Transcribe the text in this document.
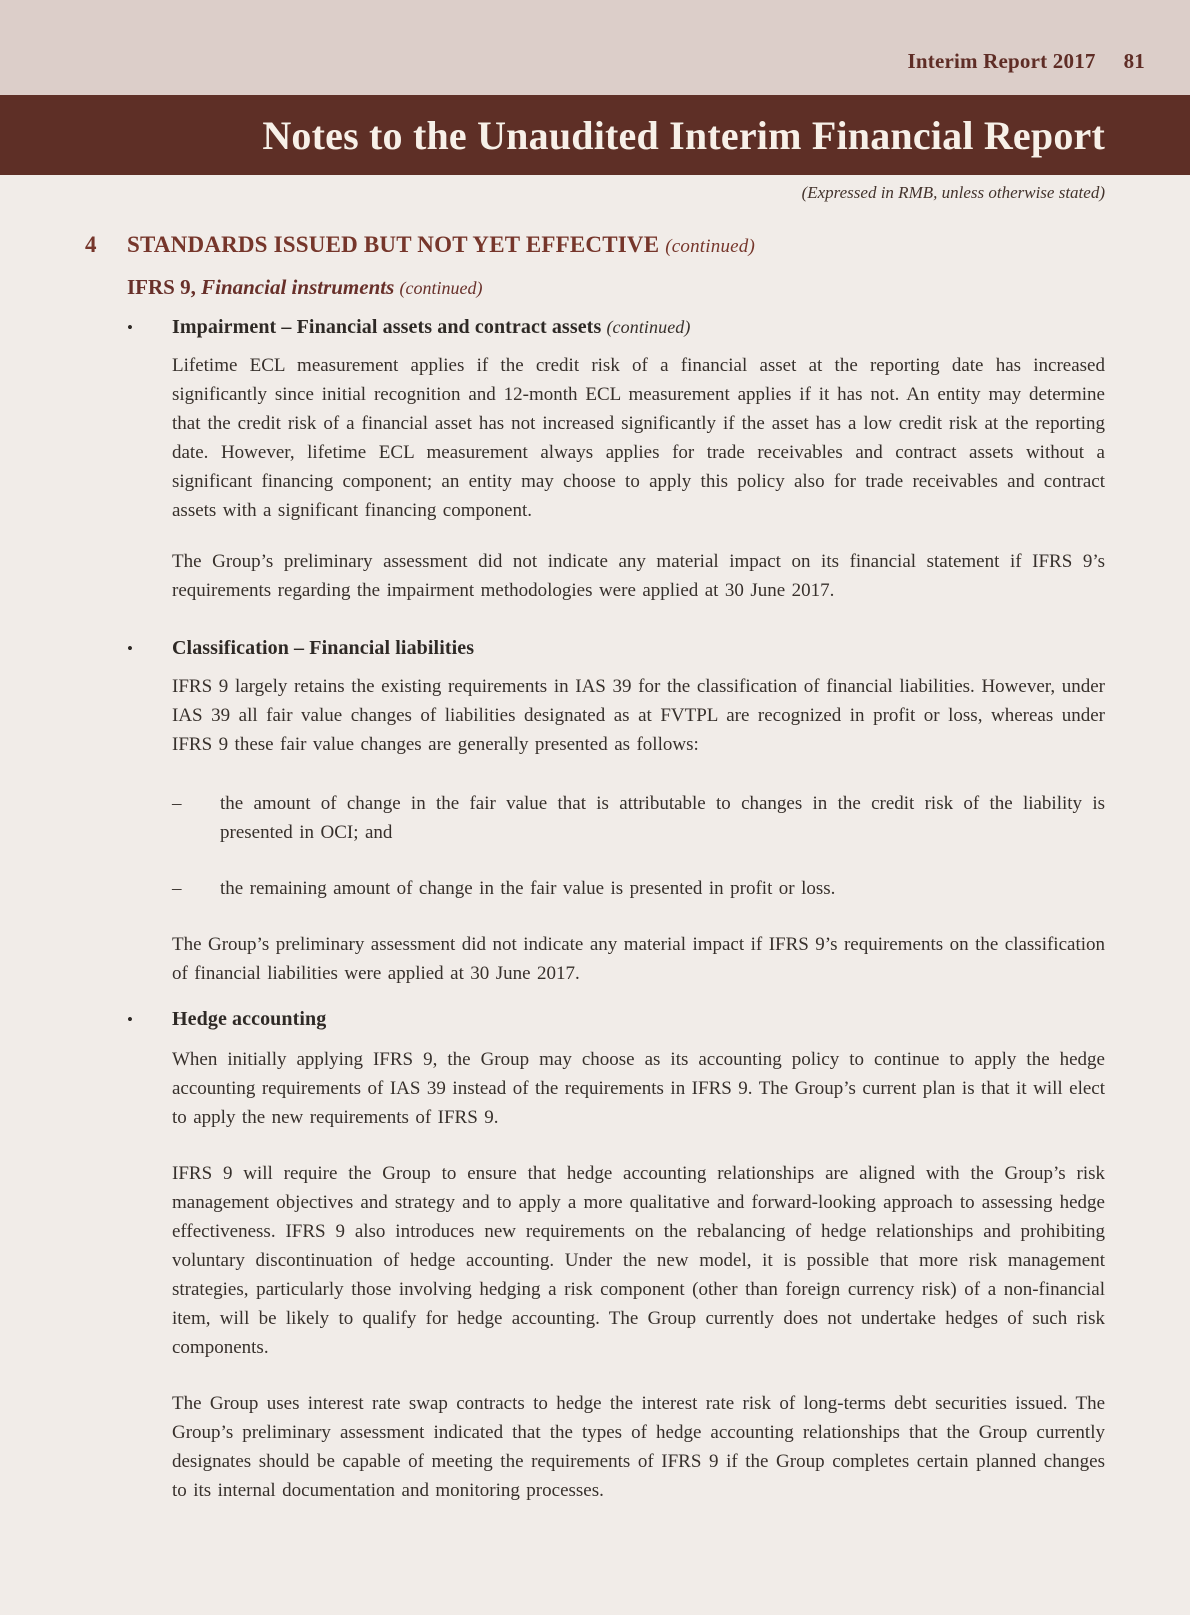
Interim Report 2017 81
Notes to the Unaudited Interim Financial Report

(Expressed in RMB, unless otherwise stated)

4	STANDARDS ISSUED BUT NOT YET EFFECTIVE (continued)
IFRS 9, Financial instruments (continued)
•	Impairment – Financial assets and contract assets (continued)

Lifetime ECL measurement applies if the credit risk of a financial asset at the reporting date has increased significantly since initial recognition and 12-month ECL measurement applies if it has not. An entity may determine that the credit risk of a financial asset has not increased significantly if the asset has a low credit risk at the reporting date. However, lifetime ECL measurement always applies for trade receivables and contract assets without a significant financing component; an entity may choose to apply this policy also for trade receivables and contract assets with a significant financing component.

The Group’s preliminary assessment did not indicate any material impact on its financial statement if IFRS 9’s requirements regarding the impairment methodologies were applied at 30 June 2017.

•	Classification – Financial liabilities

IFRS 9 largely retains the existing requirements in IAS 39 for the classification of financial liabilities. However, under IAS 39 all fair value changes of liabilities designated as at FVTPL are recognized in profit or loss, whereas under IFRS 9 these fair value changes are generally presented as follows:

–	the amount of change in the fair value that is attributable to changes in the credit risk of the liability is presented in OCI; and

–	the remaining amount of change in the fair value is presented in profit or loss.

The Group’s preliminary assessment did not indicate any material impact if IFRS 9’s requirements on the classification of financial liabilities were applied at 30 June 2017.

•	Hedge accounting

When initially applying IFRS 9, the Group may choose as its accounting policy to continue to apply the hedge accounting requirements of IAS 39 instead of the requirements in IFRS 9. The Group’s current plan is that it will elect to apply the new requirements of IFRS 9.

IFRS 9 will require the Group to ensure that hedge accounting relationships are aligned with the Group’s risk management objectives and strategy and to apply a more qualitative and forward-looking approach to assessing hedge effectiveness. IFRS 9 also introduces new requirements on the rebalancing of hedge relationships and prohibiting voluntary discontinuation of hedge accounting. Under the new model, it is possible that more risk management strategies, particularly those involving hedging a risk component (other than foreign currency risk) of a non-financial item, will be likely to qualify for hedge accounting. The Group currently does not undertake hedges of such risk components.

The Group uses interest rate swap contracts to hedge the interest rate risk of long-terms debt securities issued. The Group’s preliminary assessment indicated that the types of hedge accounting relationships that the Group currently designates should be capable of meeting the requirements of IFRS 9 if the Group completes certain planned changes to its internal documentation and monitoring processes.
